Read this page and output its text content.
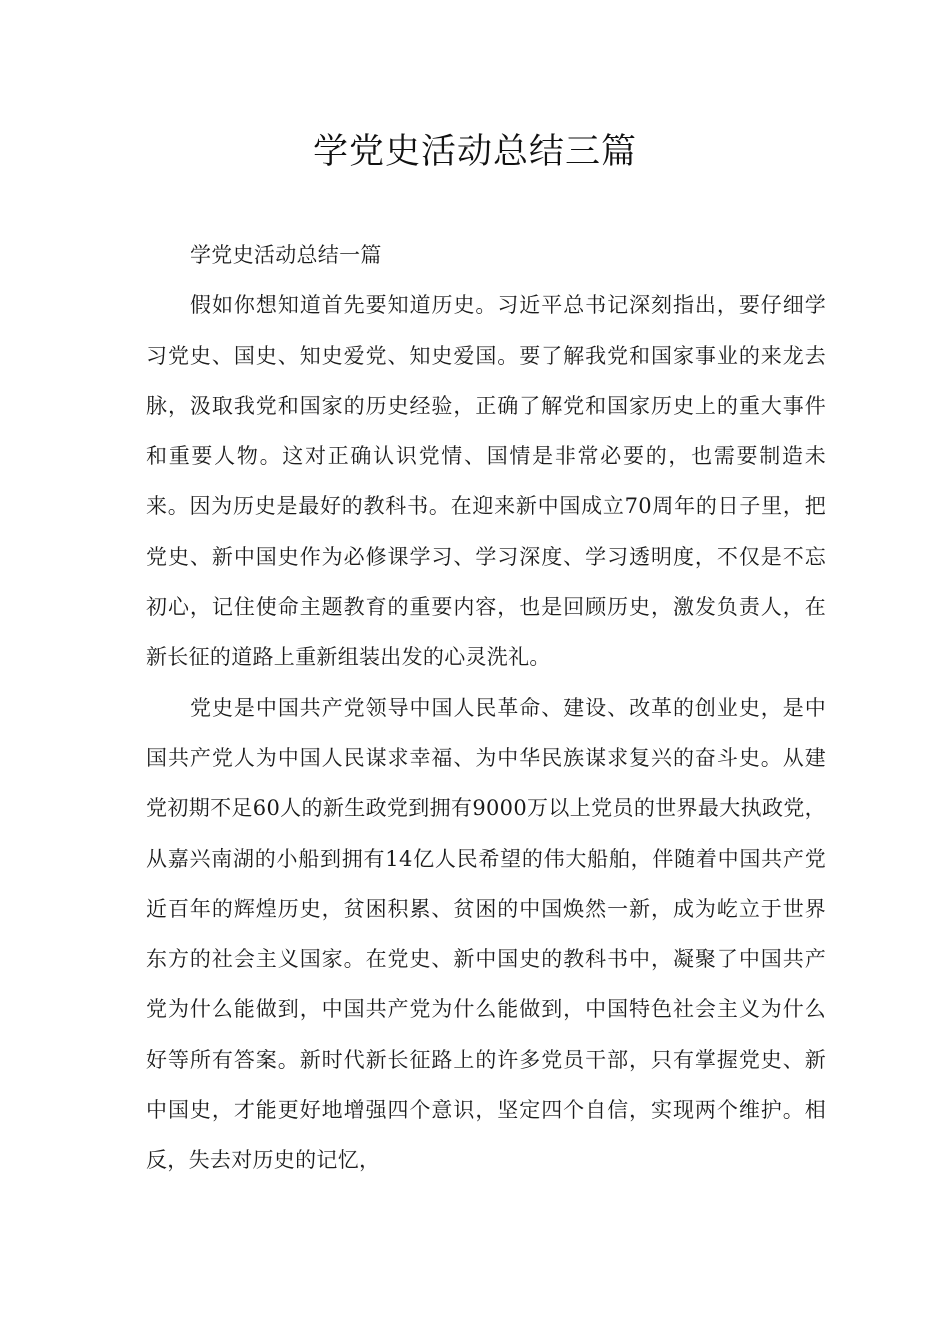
学党史活动总结三篇
学党史活动总结一篇

假如你想知道首先要知道历史。习近平总书记深刻指出，要仔细学习党史、国史、知史爱党、知史爱国。要了解我党和国家事业的来龙去脉，汲取我党和国家的历史经验，正确了解党和国家历史上的重大事件和重要人物。这对正确认识党情、国情是非常必要的，也需要制造未来。因为历史是最好的教科书。在迎来新中国成立70周年的日子里，把党史、新中国史作为必修课学习、学习深度、学习透明度，不仅是不忘初心，记住使命主题教育的重要内容，也是回顾历史，激发负责人，在新长征的道路上重新组装出发的心灵洗礼。

党史是中国共产党领导中国人民革命、建设、改革的创业史，是中国共产党人为中国人民谋求幸福、为中华民族谋求复兴的奋斗史。从建党初期不足60人的新生政党到拥有9000万以上党员的世界最大执政党，从嘉兴南湖的小船到拥有14亿人民希望的伟大船舶，伴随着中国共产党近百年的辉煌历史，贫困积累、贫困的中国焕然一新，成为屹立于世界东方的社会主义国家。在党史、新中国史的教科书中，凝聚了中国共产党为什么能做到，中国共产党为什么能做到，中国特色社会主义为什么好等所有答案。新时代新长征路上的许多党员干部，只有掌握党史、新中国史，才能更好地增强四个意识，坚定四个自信，实现两个维护。相反，失去对历史的记忆，
